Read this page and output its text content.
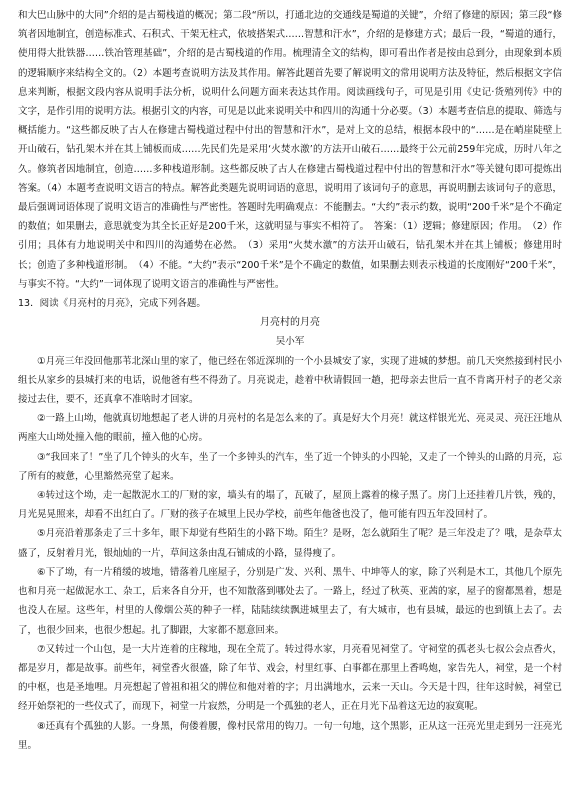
和大巴山脉中的大同”介绍的是古蜀栈道的概况；第二段“所以，打通北边的交通线是蜀道的关键”，介绍了修建的原因；第三段“修筑者因地制宜，创造标准式、石积式、干架无柱式，依坡搭架式……智慧和汗水”，介绍的是修建方式；最后一段，“蜀道的通行，使用得大批铁器……铁冶管理基础”，介绍的是古蜀栈道的作用。梳理清全文的结构，即可看出作者是按由总到分，由现象到本质的逻辑顺序来结构全文的。（2）本题考查说明方法及其作用。解答此题首先要了解说明文的常用说明方法及特征，然后根据文字信息来判断，根据文段内容从说明手法分析，说明什么问题方面来表达其作用。阅读画线句子，可见是引用《史记·货殖列传》中的文字，是作引用的说明方法。根据引文的内容，可见是以此来说明关中和四川的沟通十分必要。（3）本题考查信息的提取、筛选与概括能力。“这些都反映了古人在修建古蜀栈道过程中付出的智慧和汗水”，是对上文的总结，根据本段中的“……是在峭崖陡壁上开山破石，钻孔架木并在其上铺板而成……先民们先是采用‘火焚水激’的方法开山破石……最终于公元前259年完成，历时八年之久。修筑者因地制宜，创造……多种栈道形制。这些都反映了古人在修建古蜀栈道过程中付出的智慧和汗水”等关键句即可提炼出答案。（4）本题考查说明文语言的特点。解答此类题先说明词语的意思，说明用了该词句子的意思，再说明删去该词句子的意思，最后强调词语体现了说明文语言的准确性与严密性。答题时先明确观点：不能删去。“大约”表示约数，说明“200千米”是个不确定的数值；如果删去，意思就变为其全长正好是200千米，这就明显与事实不相符了。　答案：（1）逻辑；修建原因；作用。　（2）作引用；具体有力地说明关中和四川的沟通势在必然。　（3）采用“火焚水激”的方法开山破石，钻孔架木并在其上铺板；修建用时长；创造了多种栈道形制。　（4）不能。“大约”表示“200千米”是个不确定的数值，如果删去则表示栈道的长度刚好“200千米”，与事实不符。“大约”一词体现了说明文语言的准确性与严密性。

13．阅读《月亮村的月亮》，完成下列各题。

月亮村的月亮

吴小军

①月亮三年没回他那苇北深山里的家了，他已经在邻近深圳的一个小县城安了家，实现了进城的梦想。前几天突然接到村民小组长从家乡的县城打来的电话，说他爸有些不得劲了。月亮说走，趁着中秋请假回一趟，把母亲去世后一直不肯离开村子的老父亲接过去住，要不，还真拿不准啥时才回家。

②一路上山坳，他就真切地想起了老人讲的月亮村的名是怎么来的了。真是好大个月亮！就这样银光光、亮灵灵、亮汪汪地从两座大山坳处撞入他的眼前，撞入他的心房。

③“我回来了！”坐了几个钟头的火车，坐了一个多钟头的汽车，坐了近一个钟头的小四轮，又走了一个钟头的山路的月亮，忘了所有的疲惫，心里豁然亮堂了起来。

④转过这个坳，走一起散泥水工的厂财的家，墙头有的塌了，瓦破了，屋顶上露着的椽子黑了。房门上还挂着几片铁，残的，月光晃晃照来，却看不出红白了。厂财的孩子在城里上民办学校，前些年他爸也没了，他可能有四五年没回村了。

⑤月亮沿着那条走了三十多年，眼下却觉有些陌生的小路下坳。陌生？是呀，怎么就陌生了呢？是三年没走了？哦，是杂草太盛了，反射着月光，银灿灿的一片，草间这条由乱石铺成的小路，显得瘦了。

⑥下了坳，有一片稍缓的坡地，错落着几座屋子，分别是广发、兴利、黑牛、中坤等人的家，除了兴利是木工，其他几个原先也和月亮一起做泥水工、杂工，后来各自分开，也不知散落到哪处去了。一路上，经过了秋英、亚茜的家，屋子的窗都黑着，想是也没人在屋。这些年，村里的人像烟公英的种子一样，陆陆续续飘进城里去了，有大城市，也有县城，最远的也到镇上去了。去了，也很少回来，也很少想起。扎了脚跟，大家都不愿意回来。

⑦又转过一个山包，是一大片连着的庄稼地，现在全荒了。转过得水家，月亮看见祠堂了。守祠堂的孤老头七叔公会点香火，都是岁月，都是故事。前些年，祠堂香火很盛，除了年节、戏会，村里红事、白事都在那里上香鸣炮，家告先人，祠堂，是一个村的中枢，也是圣地哩。月亮想起了曾祖和祖父的牌位和他对着的字；月出满地水，云来一天山。今天是十四，往年这时候，祠堂已经开始祭祀的一些仪式了，而现下，祠堂一片寂然，分明是一个孤独的老人，正在月光下品着这无边的寂寞呢。

⑧还真有个孤独的人影。一身黑，佝偻着腰，像村民常用的钩刀。一句一句地，这个黑影，正从这一汪亮光里走到另一汪亮光里。
